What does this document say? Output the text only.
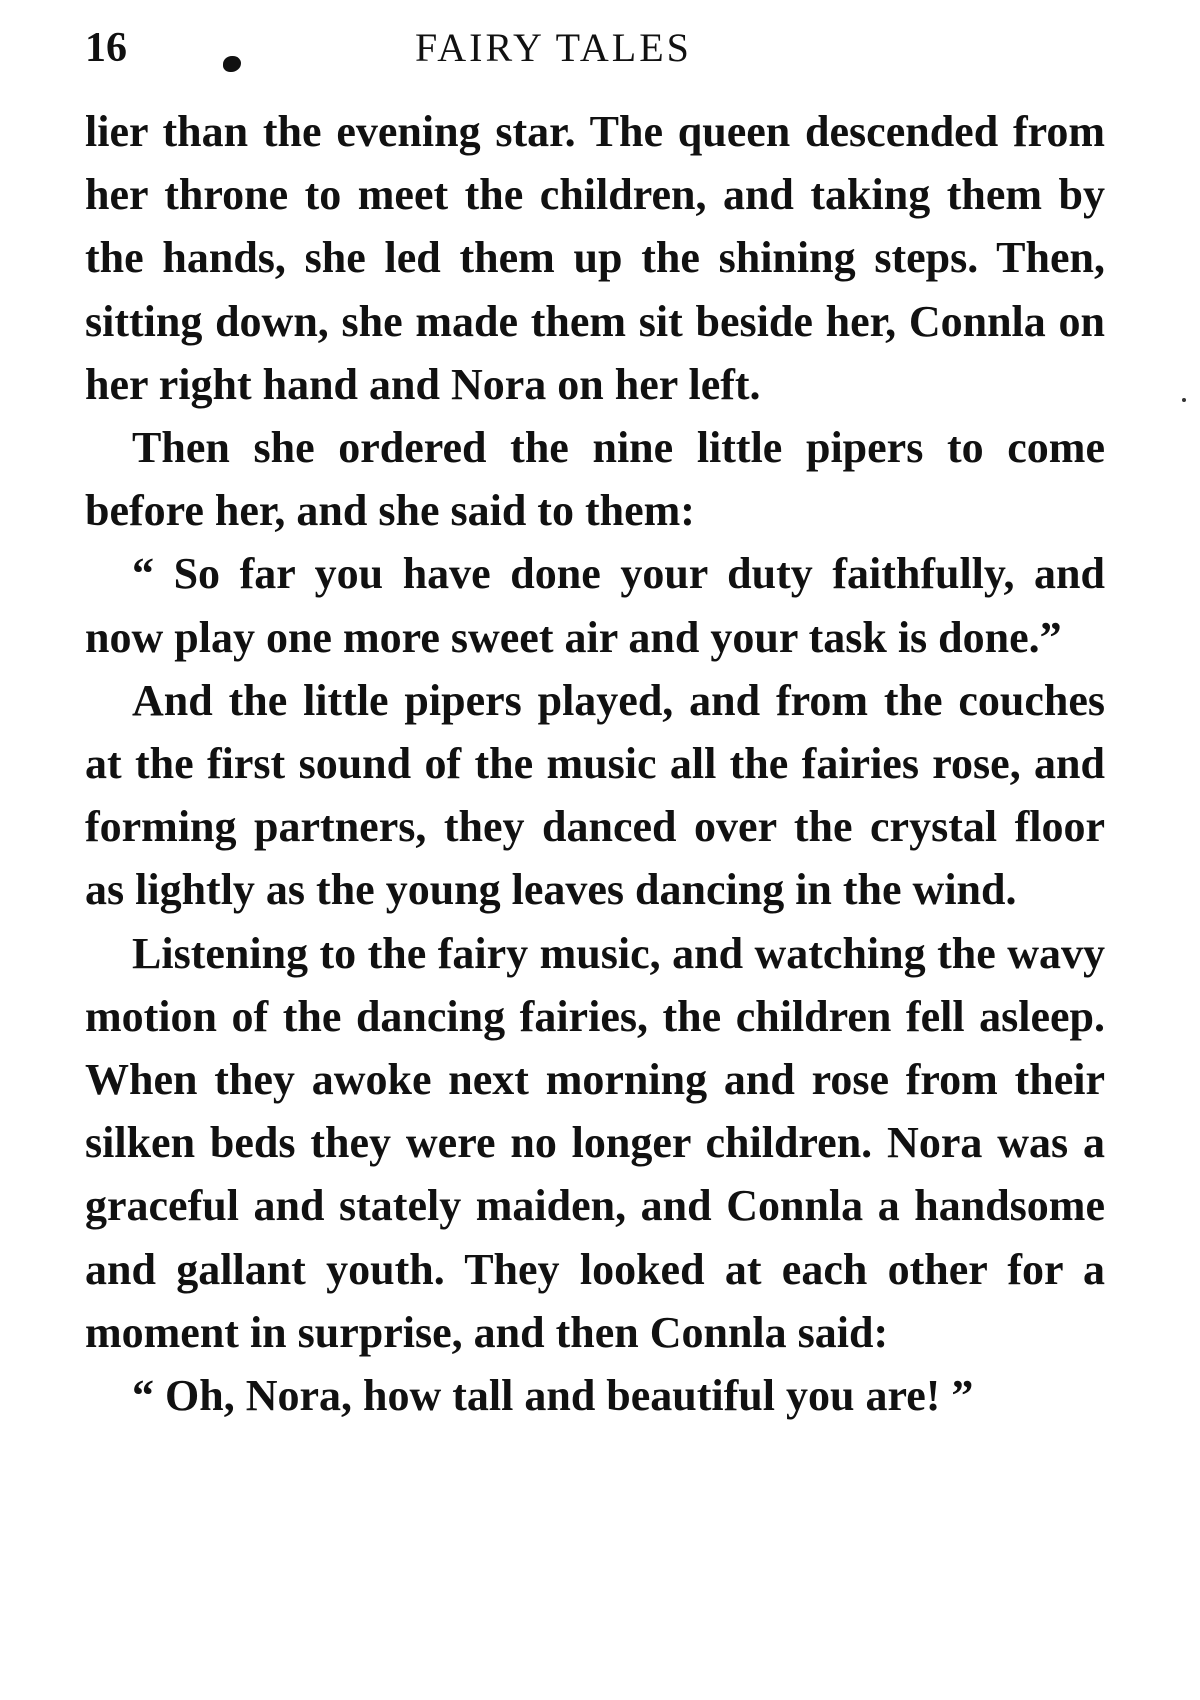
16	FAIRY TALES

lier than the evening star. The queen descended from her throne to meet the children, and taking them by the hands, she led them up the shining steps. Then, sitting down, she made them sit beside her, Connla on her right hand and Nora on her left.

Then she ordered the nine little pipers to come before her, and she said to them:

“ So far you have done your duty faithfully, and now play one more sweet air and your task is done.”

And the little pipers played, and from the couches at the first sound of the music all the fairies rose, and forming partners, they danced over the crystal floor as lightly as the young leaves dancing in the wind.

Listening to the fairy music, and watching the wavy motion of the dancing fairies, the children fell asleep. When they awoke next morning and rose from their silken beds they were no longer children. Nora was a graceful and stately maiden, and Connla a handsome and gallant youth. They looked at each other for a moment in surprise, and then Connla said:

“ Oh, Nora, how tall and beautiful you are! ”
